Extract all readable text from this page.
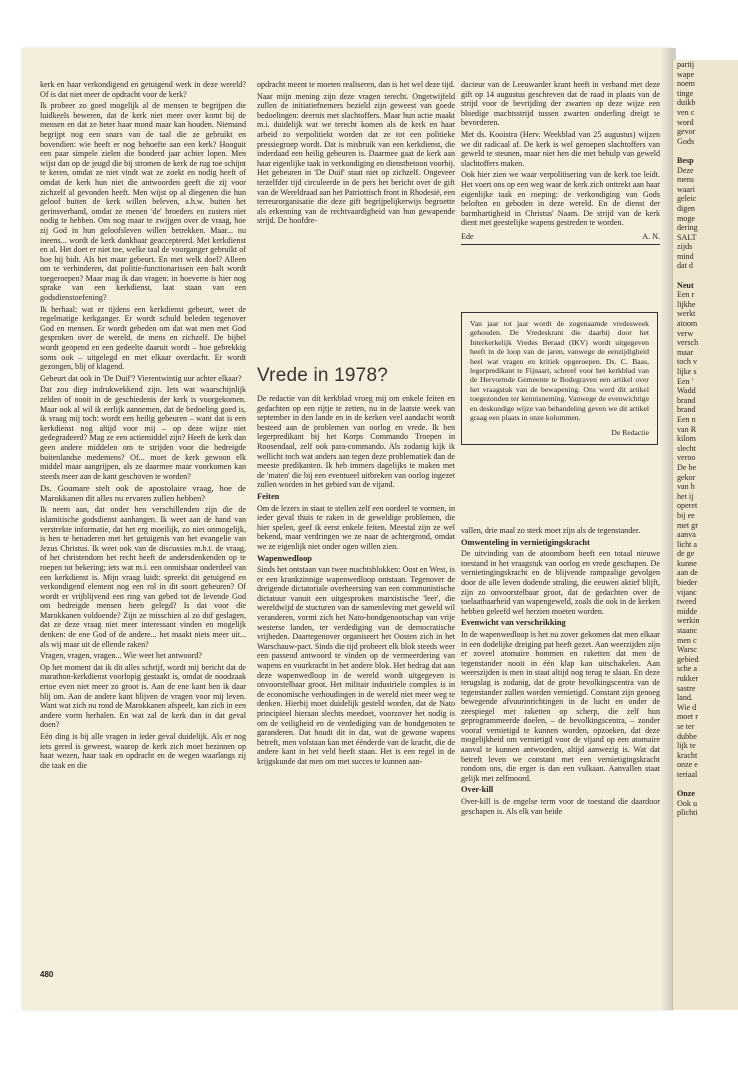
kerk en haar verkondigend en getuigend werk in deze wereld? Of is dat niet meer de opdracht voor de kerk?

Ik probeer zo goed mogelijk al de mensen te begrijpen die luidkeels beweren, dat de kerk niet meer over komt bij de mensen en dat ze beter haar mond maar kan houden. Niemand begrijpt nog een snars van de taal die ze gebruikt en bovendien: wie heeft er nog behoefte aan een kerk? Hooguit een paar simpele zielen die honderd jaar achter lopen. Men wijst dan op de jeugd die bij stromen de kerk de rug toe schijnt te keren, omdat ze niet vindt wat ze zoekt en nodig heeft of omdat de kerk hun niet die antwoorden geeft die zij voor zichzelf al gevonden heeft. Men wijst op al diegenen die hun geloof buiten de kerk willen beleven, a.h.w. buiten het gerinsverband, omdat ze menen 'de' broeders en zusters niet nodig te hebben. Om nog maar te zwijgen over de vraag, hoe zij God in hun geloofsleven willen betrekken. Maar... nu ineens... wordt de kerk dankbaar geaccepteerd. Met kerkdienst en al. Het doet er niet toe, welke taal de voorganger gebruikt of hoe hij bidt. Als het maar gebeurt. En met welk doel? Alleen om te verhinderen, dat politie-functionarissen een halt wordt toegeroepen? Maar mag ik dan vragen: in hoeverre is hier nog sprake van een kerkdienst, laat staan van een godsdienstoefening?

Ik herhaal: wat er tijdens een kerkdienst gebeurt, weet de regelmatige kerkganger. Er wordt schuld beleden tegenover God en mensen. Er wordt gebeden om dat wat men met God gesproken over de wereld, de mens en zichzelf. De bijbel wordt geopend en een gedeelte daaruit wordt – hoe gebrekkig soms ook – uitgelegd en met elkaar overdacht. Er wordt gezongen, blij of klagend.

Gebeurt dat ook in 'De Duif'? Vierentwintig uur achter elkaar?

Dat zou diep indrukwekkend zijn. Iets wat waarschijnlijk zelden of nooit in de geschiedenis der kerk is voorgekomen. Maar ook al wil ik eerlijk aannemen, dat de bedoeling goed is, ik vraag mij toch: wordt een heilig gebeuren – want dat is een kerkdienst nog altijd voor mij – op deze wijze niet gedegradeerd? Mag ze een actiemiddel zijn? Heeft de kerk dan geen andere middelen om te strijden voor die bedreigde buitenlandse medemens? Of... moet de kerk gewoon elk middel maar aangrijpen, als ze daarmee maar voorkomen kan steeds meer aan de kant geschoven te worden?

Ds. Goumare stelt ook de apostolaire vraag, hoe de Marokkanen dit alles nu ervaren zullen hebben?

Ik neem aan, dat onder hen verschillenden zijn die de islamitische godsdienst aanhangen. Ik weet aan de hand van verstrekte informatie, dat het erg moeilijk, zo niet onmogelijk, is hen te benaderen met het getuigenis van het evangelie van Jezus Christus. Ik weet ook van de discussies m.b.t. de vraag, of het christendom het recht heeft de andersdenkenden op te roepen tot bekering; iets wat m.i. een onmisbaar onderdeel van een kerkdienst is. Mijn vraag luidt: spreekt dit getuigend en verkondigend element nog een rol in dit soort gebeuren? Of wordt er vrijblijvend een ring van gebed tot de levende God om bedreigde mensen heen gelegd? Is dat voor die Marokkanen voldoende? Zijn ze misschien al zo duf geslagen, dat ze deze vraag niet meer interessant vinden en mogelijk denken: de ene God of de andere... het maakt niets meer uit... als wij maar uit de ellende raken?

Vragen, vragen, vragen... Wie weet het antwoord?

Op het moment dat ik dit alles schrijf, wordt mij bericht dat de marathon-kerkdienst voorlopig gestaakt is, omdat de noodzaak ertoe even niet meer zo groot is. Aan de ene kant ben ik daar blij om. Aan de andere kant blijven de vragen voor mij leven. Want wat zich nu rond de Marokkanen afspeelt, kan zich in een andere vorm herhalen. En wat zal de kerk dan in dat geval doen?

Eén ding is bij alle vragen in ieder geval duidelijk. Als er nog iets gered is geweest, waarop de kerk zich moet bezinnen op haar wezen, haar taak en opdracht en de wegen waarlangs zij die taak en die

opdracht meent te moeten realiseren, dan is het wel deze tijd.

Naar mijn mening zijn deze vragen terecht. Ongetwijfeld zullen de initiatiefnemers bezield zijn geweest van goede bedoelingen: deernis met slachtoffers. Maar hun actie maakt m.i. duidelijk wat we terecht komen als de kerk en haar arbeid zo verpolitiekt worden dat ze tot een politieke pressiegroep wordt. Dat is misbruik van een kerkdienst, die inderdaad een heilig gebeuren is. Daarmee gaat de kerk aan haar eigenlijke taak in verkondiging en dienstbetoon voorbij. Het gebeuren in 'De Duif' staat niet op zichzelf. Ongeveer terzelfder tijd circuleerde in de pers het bericht over de gift van de Wereldraad aan het Patriottisch front in Rhodesië, een terreurorganisatie die deze gift begrijpelijkerwijs begroette als erkenning van de rechtvaardigheid van hun gewapende strijd. De hoofdre-

dacteur van de Leeuwarder krant heeft in verband met deze gift op 14 augustus geschreven dat de raad in plaats van de strijd voor de bevrijding der zwarten op deze wijze een bloedige machtsstrijd tussen zwarten onderling dreigt te bevorderen.

Met ds. Kooistra (Herv. Weekblad van 25 augustus) wijzen we dit radicaal af. De kerk is wel geroepen slachtoffers van geweld te steunen, maar niet hen die met behulp van geweld slachtoffers maken.

Ook hier zien we waar verpolitisering van de kerk toe leidt. Het voert ons op een weg waar de kerk zich onttrekt aan haar eigenlijke taak en roeping: de verkondiging van Gods beloften en geboden in deze wereld. En de dienst der barmhartigheid in Christus' Naam. De strijd van de kerk dient met geestelijke wapens gestreden te worden.

Ede	A. N.

Van jaar tot jaar wordt de zogenaamde vredesweek gehouden. De Vredeskrant die daarbij door het Interkerkelijk Vredes Beraad (IKV) wordt uitgegeven heeft in de loop van de jaren, vanwege de eenzijdigheid heel wat vragen en kritiek opgeroepen. Ds. C. Baas, legerpredikant te Fijnaart, schreef voor het kerkblad van de Hervormde Gemeente te Bodegraven een artikel over het vraagstuk van de bewapening. Ons werd dit artikel toegezonden ter kennisneming. Vanwege de evenwichtige en deskundige wijze van behandeling geven we dit artikel graag een plaats in onze kolommen.

De Redactie

Vrede in 1978?

De redactie van dit kerkblad vroeg mij om enkele feiten en gedachten op een rijtje te zetten, nu in de laatste week van september in den lande en in de kerken veel aandacht wordt besteed aan de problemen van oorlog en vrede. Ik ben legerpredikant bij het Korps Commando Troepen in Roosendaal, zelf ook para-commando. Als zodanig kijk ik wellicht toch wat anders aan tegen deze problematiek dan de meeste predikanten. Ik heb immers dagelijks te maken met de 'maten' die bij een eventueel uitbreken van oorlog ingezet zullen worden in het gebied van de vijand.

Feiten

Om de lezers in staat te stellen zelf een oordeel te vormen, in ieder geval thuis te raken in de geweldige problemen, die hier spelen, geef ik eerst enkele feiten. Meestal zijn ze wel bekend, maar verdringen we ze naar de achtergrond, omdat we ze eigenlijk niet onder ogen willen zien.

Wapenwedloop

Sinds het ontstaan van twee machtsblokken: Oost en West, is er een krankzinnige wapenwedloop ontstaan. Tegenover de dreigende dictatoriale overheersing van een communistische dictatuur vanuit een uitgesproken marxistische 'leer', die wereldwijd de stucturen van de samenleving met geweld wil veranderen, vormt zich het Nato-bondgenootschap van vrije westerse landen, ter verdediging van de democratische vrijheden. Daartegenover organiseert het Oosten zich in het Warschauw-pact. Sinds die tijd probeert elk blok steeds weer een passend antwoord te vinden op de vermeerdering van wapens en vuurkracht in het andere blok. Het bedrag dat aan deze wapenwedloop in de wereld wordt uitgegeven is onvoorstelbaar groot. Het militair industriele complex is in de economische verhoudingen in de wereld niet meer weg te denken. Hierbij moet duidelijk gesteld worden, dat de Nato principieel hieraan slechts meedoet, voorzover het nodig is om de veiligheid en de verdediging van de bondgenoten te garanderen. Dat houdt dit in dat, wat de gewone wapens betreft, men volstaan kan met éénderde van de kracht, die de andere kant in het veld heeft staan. Het is een regel in de krijgskunde dat men om met succes te kunnen aan-

vallen, drie maal zo sterk moet zijn als de tegenstander.

Omwenteling in vernietigingskracht

De uitvinding van de atoombom heeft een totaal nieuwe toestand in het vraagstuk van oorlog en vrede geschapen. De vernietingingskracht en de blijvende rampzalige gevolgen door de alle leven dodende straling, die eeuwen aktief blijft, zijn zo onvoorstelbaar groot, dat de gedachten over de toelaatbaarheid van wapengeweld, zoals die ook in de kerken hebben geleefd wel herzien moeten worden.

Evenwicht van verschrikking

In de wapenwedloop is het nu zover gekomen dat men elkaar in een dodelijke dreiging pat heeft gezet. Aan weerzijden zijn er zoveel atomaire bommen en raketten dat men de tegenstander nooit in één klap kan uitschakelen. Aan weerszijden is men in staat altijd nog terug te slaan. En deze terugslag is zodanig, dat de grote bevolkingscentra van de tegenstander zullen worden vernietigd. Constant zijn genoeg bewegende afvuurinrichtingen in de lucht en onder de zeespiegel met raketten op scherp, die zelf hun geprogrammeerde doelen, – de bevolkingscentra, – zonder vooraf vernietigd te kunnen worden, opzoeken, dat deze mogelijkheid om vernietigd voor de vijand op een atomaire aanval te kunnen antwoorden, altijd aanwezig is. Wat dat betreft leven we constant met een vernietigingskracht rondom ons, die erger is dan een vulkaan. Aanvallen staat gelijk met zelfmoord.

Over-kill

Over-kill is de engelse term voor de toestand die daardoor geschapen is. Als elk van beide

480
partij
wape
noem
tinge
duikb
ven c
word
gevor
Gods
Besp
Deze
mens
waari
geleic
digen
moge
dering
SALT
zijds
mind
dat d
Neut
Een r
lijkhe
werkt
atoom
verw
versch
maar
toch v
lijke s
Een '
Wadd
brand
brand
Een n
van R
kilom
slecht
veroo
De be
gekor
van h
het ij
operet
bij ee
met gr
aanva
licht a
de ge
kunne
aan de
bieder
vijanc
tweed
midde
werkin
staanc
men c
Warsc
gebied
sche a
rukker
sastre
land.
Wie d
moet r
se ter
dubbe
lijk te
kracht
onze e
teriaal
Onze
Ook u
plichti
